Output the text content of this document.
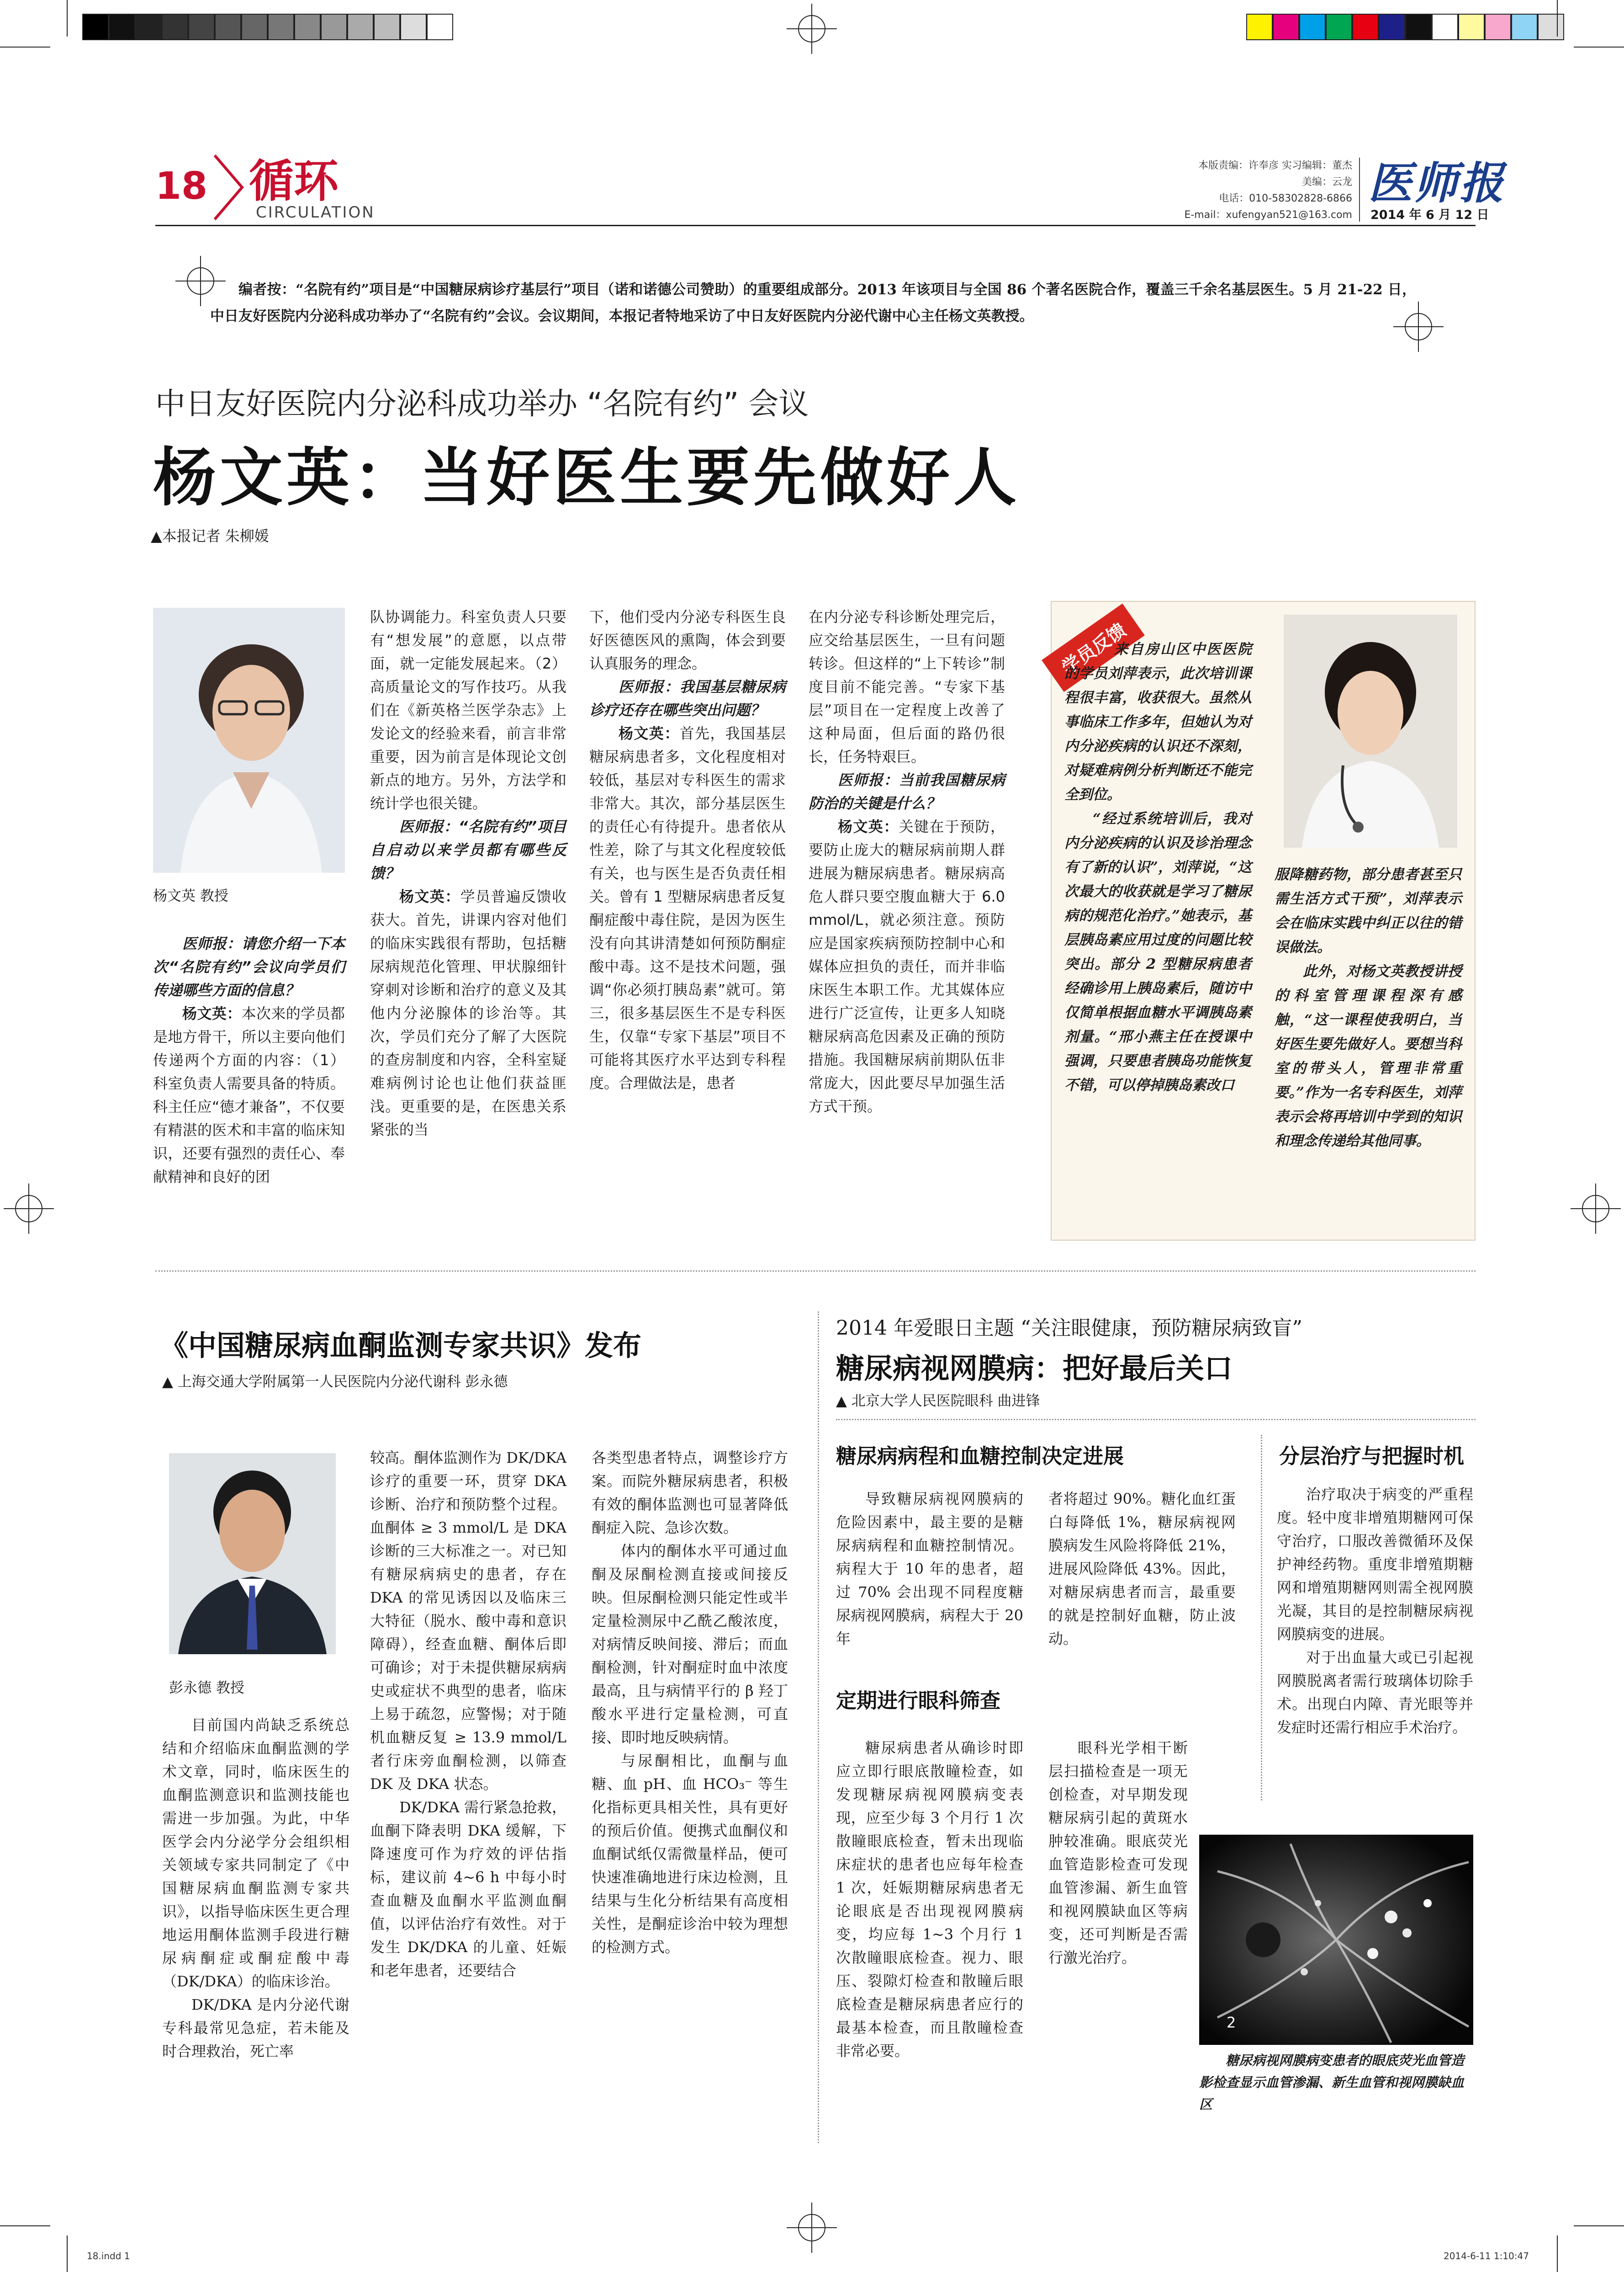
18 循环
CIRCULATION
本版责编：许奉彦 实习编辑：董杰
美编：云龙
电话：010-58302828-6866
E-mail：xufengyan521@163.com
医师报
2014 年 6 月 12 日
编者按：“名院有约”项目是“中国糖尿病诊疗基层行”项目（诺和诺德公司赞助）的重要组成部分。2013 年该项目与全国 86 个著名医院合作，覆盖三千余名基层医生。5 月 21-22 日，中日友好医院内分泌科成功举办了“名院有约”会议。会议期间，本报记者特地采访了中日友好医院内分泌代谢中心主任杨文英教授。
中日友好医院内分泌科成功举办 “名院有约” 会议
杨文英：当好医生要先做好人
▲本报记者 朱柳媛
杨文英 教授

医师报：请您介绍一下本次“名院有约”会议向学员们传递哪些方面的信息？

杨文英：本次来的学员都是地方骨干，所以主要向他们传递两个方面的内容：（1）科室负责人需要具备的特质。科主任应“德才兼备”，不仅要有精湛的医术和丰富的临床知识，还要有强烈的责任心、奉献精神和良好的团

队协调能力。科室负责人只要有“想发展”的意愿，以点带面，就一定能发展起来。（2）高质量论文的写作技巧。从我们在《新英格兰医学杂志》上发论文的经验来看，前言非常重要，因为前言是体现论文创新点的地方。另外，方法学和统计学也很关键。

医师报：“名院有约”项目自启动以来学员都有哪些反馈？

杨文英：学员普遍反馈收获大。首先，讲课内容对他们的临床实践很有帮助，包括糖尿病规范化管理、甲状腺细针穿刺对诊断和治疗的意义及其他内分泌腺体的诊治等。其次，学员们充分了解了大医院的查房制度和内容，全科室疑难病例讨论也让他们获益匪浅。更重要的是，在医患关系紧张的当

下，他们受内分泌专科医生良好医德医风的熏陶，体会到要认真服务的理念。

医师报：我国基层糖尿病诊疗还存在哪些突出问题？

杨文英：首先，我国基层糖尿病患者多，文化程度相对较低，基层对专科医生的需求非常大。其次，部分基层医生的责任心有待提升。患者依从性差，除了与其文化程度较低有关，也与医生是否负责任相关。曾有 1 型糖尿病患者反复酮症酸中毒住院，是因为医生没有向其讲清楚如何预防酮症酸中毒。这不是技术问题，强调“你必须打胰岛素”就可。第三，很多基层医生不是专科医生，仅靠“专家下基层”项目不可能将其医疗水平达到专科程度。合理做法是，患者

在内分泌专科诊断处理完后，应交给基层医生，一旦有问题转诊。但这样的“上下转诊”制度目前不能完善。“专家下基层”项目在一定程度上改善了这种局面，但后面的路仍很长，任务特艰巨。

医师报：当前我国糖尿病防治的关键是什么？

杨文英：关键在于预防，要防止庞大的糖尿病前期人群进展为糖尿病患者。糖尿病高危人群只要空腹血糖大于 6.0 mmol/L，就必须注意。预防应是国家疾病预防控制中心和媒体应担负的责任，而并非临床医生本职工作。尤其媒体应进行广泛宣传，让更多人知晓糖尿病高危因素及正确的预防措施。我国糖尿病前期队伍非常庞大，因此要尽早加强生活方式干预。

学员反馈

来自房山区中医医院的学员刘萍表示，此次培训课程很丰富，收获很大。虽然从事临床工作多年，但她认为对内分泌疾病的认识还不深刻，对疑难病例分析判断还不能完全到位。

“经过系统培训后，我对内分泌疾病的认识及诊治理念有了新的认识”，刘萍说，“这次最大的收获就是学习了糖尿病的规范化治疗。”她表示，基层胰岛素应用过度的问题比较突出。部分 2 型糖尿病患者经确诊用上胰岛素后，随访中仅简单根据血糖水平调胰岛素剂量。“邢小燕主任在授课中强调，只要患者胰岛功能恢复不错，可以停掉胰岛素改口

服降糖药物，部分患者甚至只需生活方式干预”，刘萍表示会在临床实践中纠正以往的错误做法。

此外，对杨文英教授讲授的科室管理课程深有感触，“这一课程使我明白，当好医生要先做好人。要想当科室的带头人，管理非常重要。”作为一名专科医生，刘萍表示会将再培训中学到的知识和理念传递给其他同事。

《中国糖尿病血酮监测专家共识》发布
▲ 上海交通大学附属第一人民医院内分泌代谢科 彭永德
彭永德 教授

目前国内尚缺乏系统总结和介绍临床血酮监测的学术文章，同时，临床医生的血酮监测意识和监测技能也需进一步加强。为此，中华医学会内分泌学分会组织相关领域专家共同制定了《中国糖尿病血酮监测专家共识》，以指导临床医生更合理地运用酮体监测手段进行糖尿病酮症或酮症酸中毒（DK/DKA）的临床诊治。

DK/DKA 是内分泌代谢专科最常见急症，若未能及时合理救治，死亡率

较高。酮体监测作为 DK/DKA 诊疗的重要一环，贯穿 DKA 诊断、治疗和预防整个过程。血酮体 ≥ 3 mmol/L 是 DKA 诊断的三大标准之一。对已知有糖尿病病史的患者，存在 DKA 的常见诱因以及临床三大特征（脱水、酸中毒和意识障碍），经查血糖、酮体后即可确诊；对于未提供糖尿病病史或症状不典型的患者，临床上易于疏忽，应警惕；对于随机血糖反复 ≥ 13.9 mmol/L 者行床旁血酮检测，以筛查 DK 及 DKA 状态。

DK/DKA 需行紧急抢救，血酮下降表明 DKA 缓解，下降速度可作为疗效的评估指标，建议前 4~6 h 中每小时查血糖及血酮水平监测血酮值，以评估治疗有效性。对于发生 DK/DKA 的儿童、妊娠和老年患者，还要结合

各类型患者特点，调整诊疗方案。而院外糖尿病患者，积极有效的酮体监测也可显著降低酮症入院、急诊次数。

体内的酮体水平可通过血酮及尿酮检测直接或间接反映。但尿酮检测只能定性或半定量检测尿中乙酰乙酸浓度，对病情反映间接、滞后；而血酮检测，针对酮症时血中浓度最高，且与病情平行的 β 羟丁酸水平进行定量检测，可直接、即时地反映病情。

与尿酮相比，血酮与血糖、血 pH、血 HCO₃⁻ 等生化指标更具相关性，具有更好的预后价值。便携式血酮仪和血酮试纸仅需微量样品，便可快速准确地进行床边检测，且结果与生化分析结果有高度相关性，是酮症诊治中较为理想的检测方式。

2014 年爱眼日主题 “关注眼健康，预防糖尿病致盲”
糖尿病视网膜病：把好最后关口
▲ 北京大学人民医院眼科 曲进锋
糖尿病病程和血糖控制决定进展

导致糖尿病视网膜病的危险因素中，最主要的是糖尿病病程和血糖控制情况。病程大于 10 年的患者，超过 70% 会出现不同程度糖尿病视网膜病，病程大于 20 年

者将超过 90%。糖化血红蛋白每降低 1%，糖尿病视网膜病发生风险将降低 21%，进展风险降低 43%。因此，对糖尿病患者而言，最重要的就是控制好血糖，防止波动。

定期进行眼科筛查

糖尿病患者从确诊时即应立即行眼底散瞳检查，如发现糖尿病视网膜病变表现，应至少每 3 个月行 1 次散瞳眼底检查，暂未出现临床症状的患者也应每年检查 1 次，妊娠期糖尿病患者无论眼底是否出现视网膜病变，均应每 1~3 个月行 1 次散瞳眼底检查。视力、眼压、裂隙灯检查和散瞳后眼底检查是糖尿病患者应行的最基本检查，而且散瞳检查非常必要。

眼科光学相干断层扫描检查是一项无创检查，对早期发现糖尿病引起的黄斑水肿较准确。眼底荧光血管造影检查可发现血管渗漏、新生血管和视网膜缺血区等病变，还可判断是否需行激光治疗。

分层治疗与把握时机

治疗取决于病变的严重程度。轻中度非增殖期糖网可保守治疗，口服改善微循环及保护神经药物。重度非增殖期糖网和增殖期糖网则需全视网膜光凝，其目的是控制糖尿病视网膜病变的进展。

对于出血量大或已引起视网膜脱离者需行玻璃体切除手术。出现白内障、青光眼等并发症时还需行相应手术治疗。

2
糖尿病视网膜病变患者的眼底荧光血管造影检查显示血管渗漏、新生血管和视网膜缺血区
18.indd 1	2014-6-11 1:10:47
